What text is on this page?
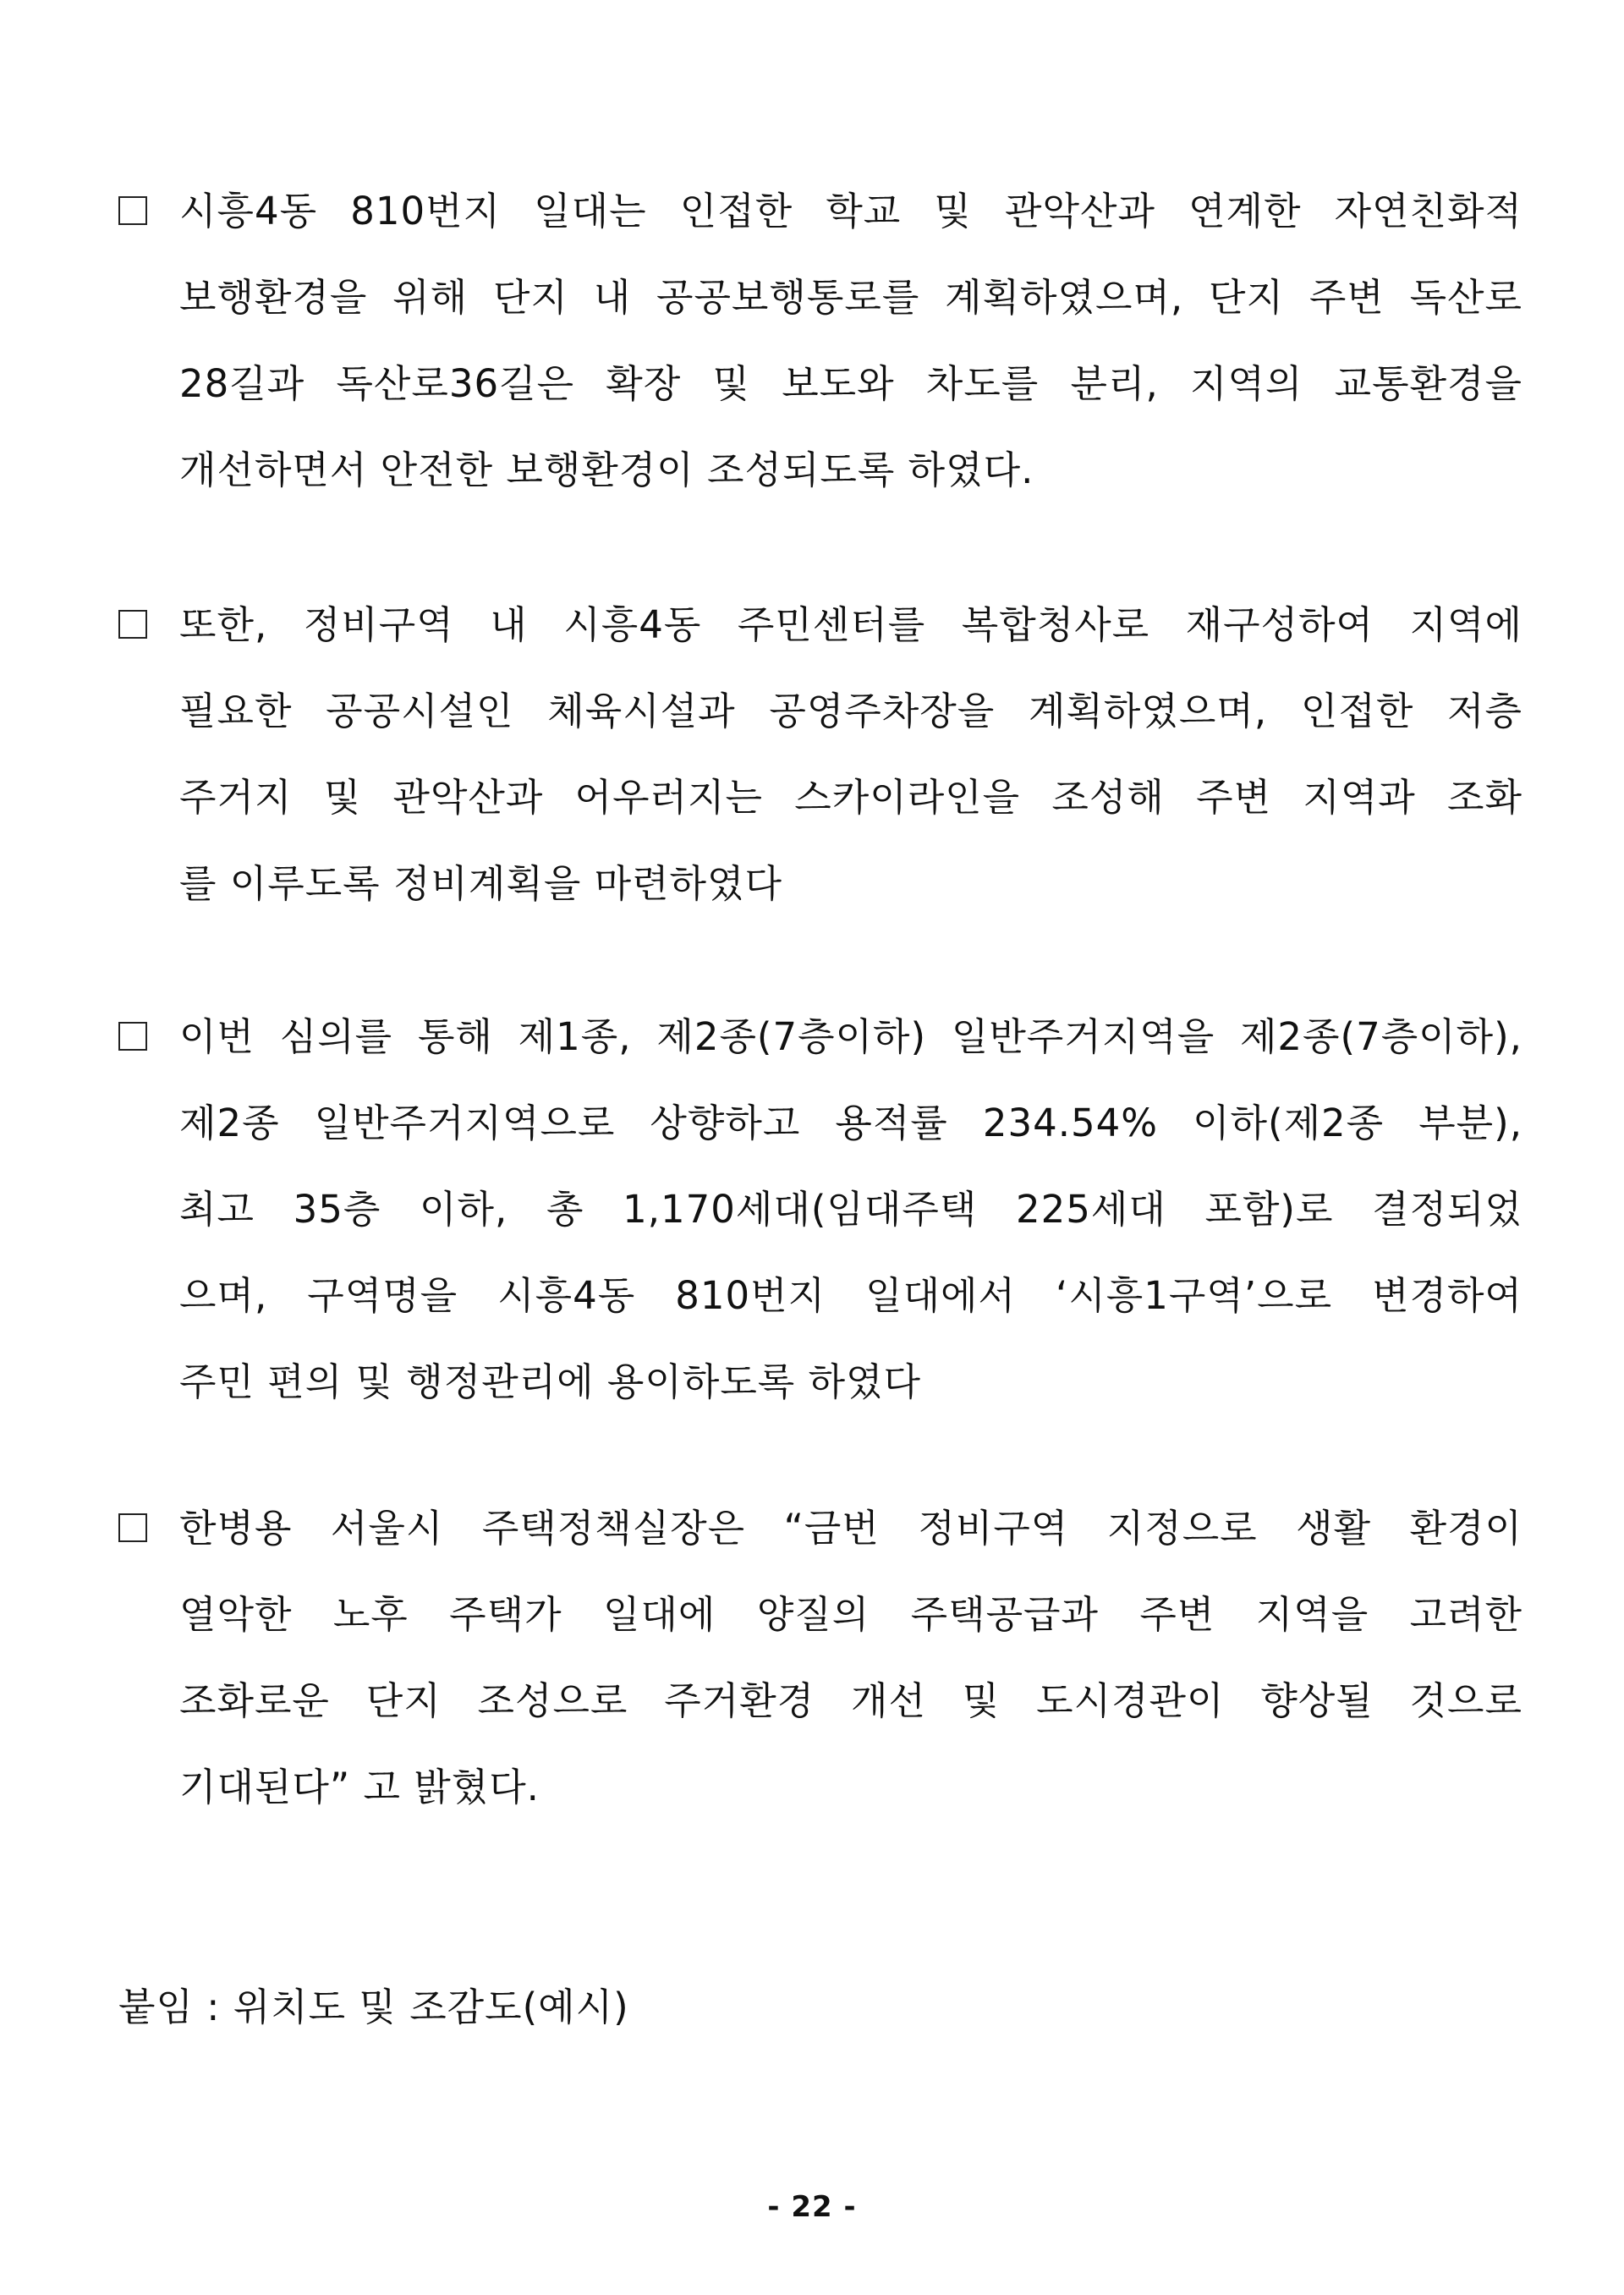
시흥4동 810번지 일대는 인접한 학교 및 관악산과 연계한 자연친화적
보행환경을 위해 단지 내 공공보행통로를 계획하였으며, 단지 주변 독산로
28길과 독산로36길은 확장 및 보도와 차도를 분리, 지역의 교통환경을
개선하면서 안전한 보행환경이 조성되도록 하였다.
또한, 정비구역 내 시흥4동 주민센터를 복합청사로 재구성하여 지역에
필요한 공공시설인 체육시설과 공영주차장을 계획하였으며, 인접한 저층
주거지 및 관악산과 어우러지는 스카이라인을 조성해 주변 지역과 조화
를 이루도록 정비계획을 마련하였다
이번 심의를 통해 제1종, 제2종(7층이하) 일반주거지역을 제2종(7층이하),
제2종 일반주거지역으로 상향하고 용적률 234.54% 이하(제2종 부분),
최고 35층 이하, 총 1,170세대(임대주택 225세대 포함)로 결정되었
으며, 구역명을 시흥4동 810번지 일대에서 ‘시흥1구역’으로 변경하여
주민 편의 및 행정관리에 용이하도록 하였다
한병용 서울시 주택정책실장은 “금번 정비구역 지정으로 생활 환경이
열악한 노후 주택가 일대에 양질의 주택공급과 주변 지역을 고려한
조화로운 단지 조성으로 주거환경 개선 및 도시경관이 향상될 것으로
기대된다” 고 밝혔다.
붙임 : 위치도 및 조감도(예시)
- 22 -
